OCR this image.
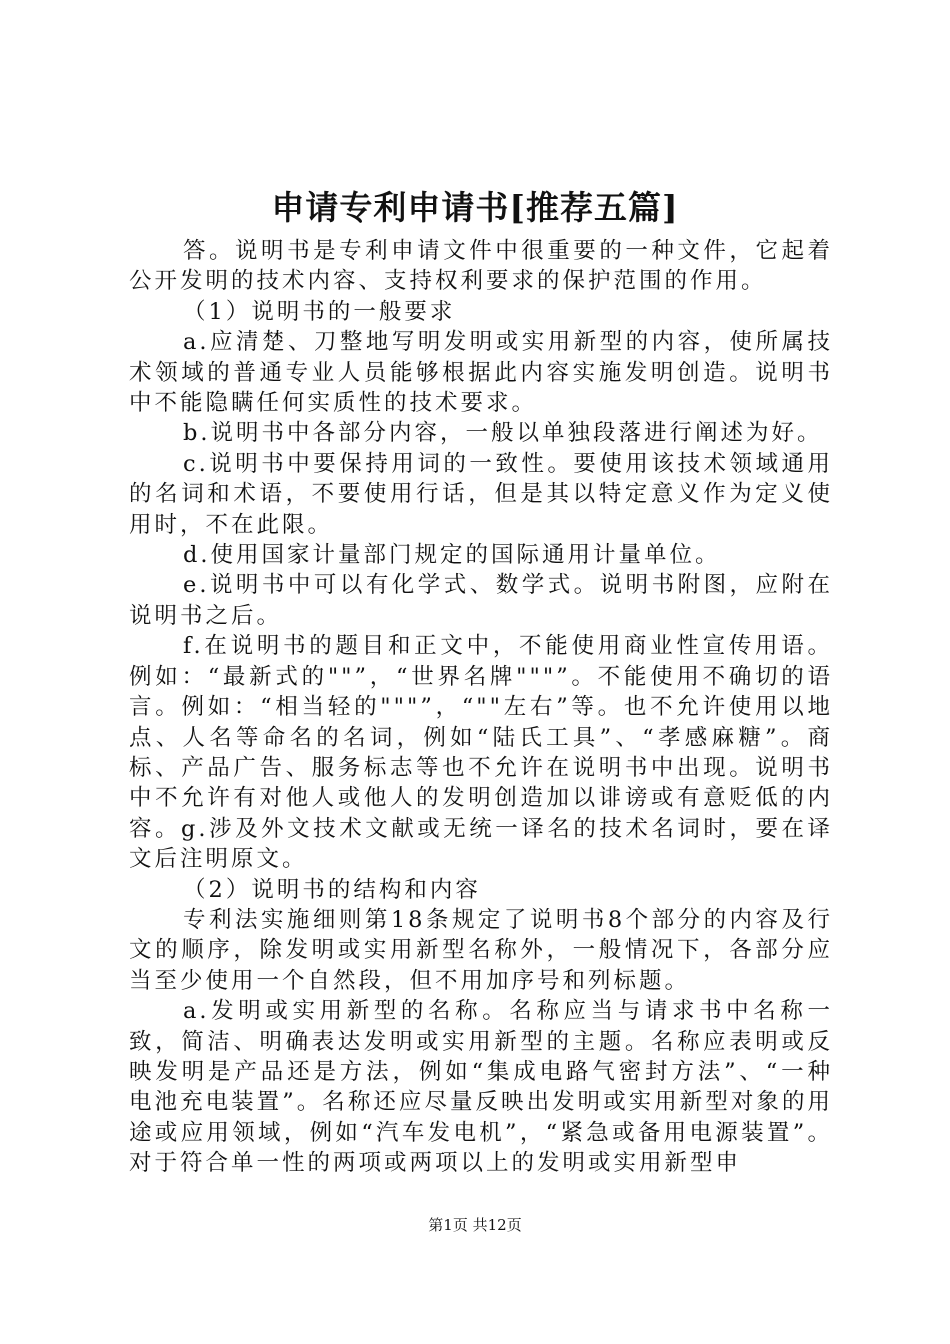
申请专利申请书[推荐五篇]

答。说明书是专利申请文件中很重要的一种文件，它起着公开发明的技术内容、支持权利要求的保护范围的作用。

（1）说明书的一般要求

a.应清楚、刀整地写明发明或实用新型的内容，使所属技术领域的普通专业人员能够根据此内容实施发明创造。说明书中不能隐瞒任何实质性的技术要求。

b.说明书中各部分内容，一般以单独段落进行阐述为好。

c.说明书中要保持用词的一致性。要使用该技术领域通用的名词和术语，不要使用行话，但是其以特定意义作为定义使用时，不在此限。

d.使用国家计量部门规定的国际通用计量单位。

e.说明书中可以有化学式、数学式。说明书附图，应附在说明书之后。

f.在说明书的题目和正文中，不能使用商业性宣传用语。例如：“最新式的""”，“世界名牌"""”。不能使用不确切的语言。例如：“相当轻的"""”，“""左右”等。也不允许使用以地点、人名等命名的名词，例如“陆氏工具”、“孝感麻糖”。商标、产品广告、服务标志等也不允许在说明书中出现。说明书中不允许有对他人或他人的发明创造加以诽谤或有意贬低的内容。g.涉及外文技术文献或无统一译名的技术名词时，要在译文后注明原文。

（2）说明书的结构和内容

专利法实施细则第18条规定了说明书8个部分的内容及行文的顺序，除发明或实用新型名称外，一般情况下，各部分应当至少使用一个自然段，但不用加序号和列标题。

a.发明或实用新型的名称。名称应当与请求书中名称一致，简洁、明确表达发明或实用新型的主题。名称应表明或反映发明是产品还是方法，例如“集成电路气密封方法”、“一种电池充电装置”。名称还应尽量反映出发明或实用新型对象的用途或应用领域，例如“汽车发电机”，“紧急或备用电源装置”。对于符合单一性的两项或两项以上的发明或实用新型申

第1页 共12页
